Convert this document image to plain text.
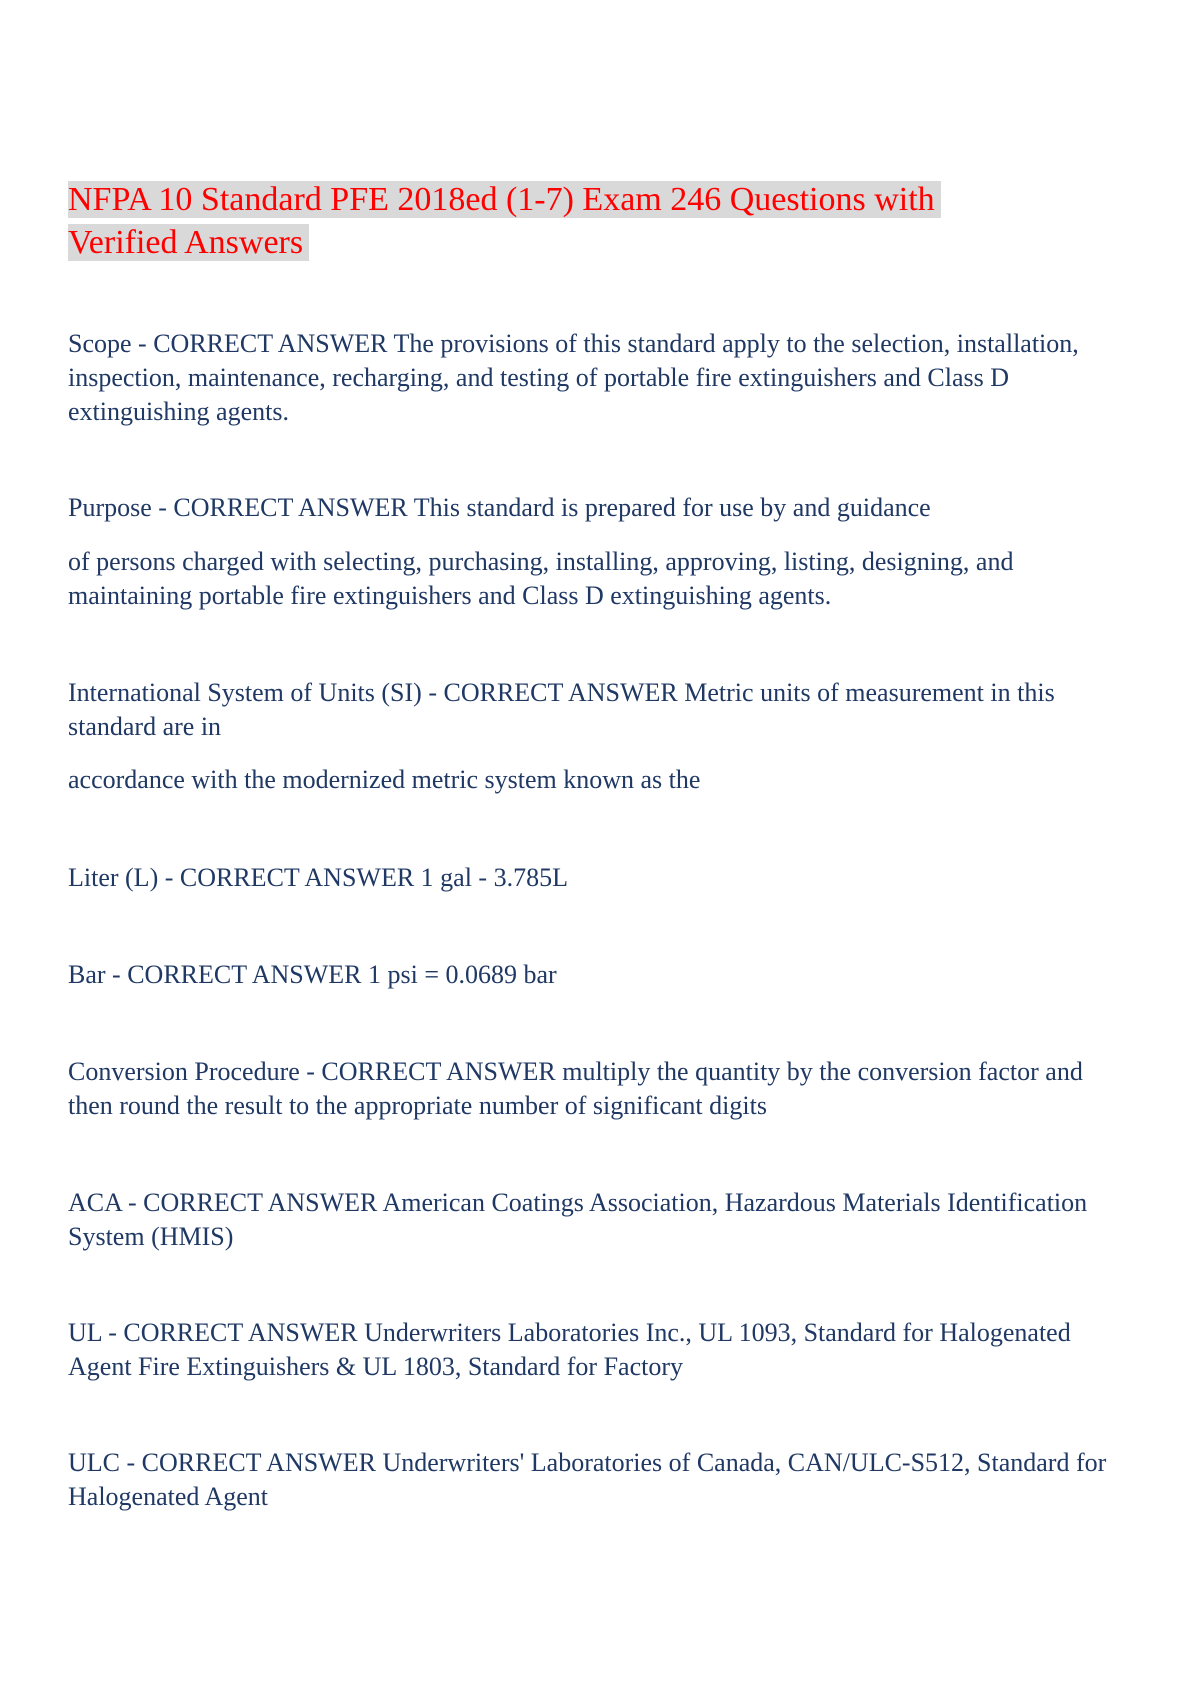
NFPA 10 Standard PFE 2018ed (1-7) Exam 246 Questions with Verified Answers

Scope - CORRECT ANSWER The provisions of this standard apply to the selection, installation, inspection, maintenance, recharging, and testing of portable fire extinguishers and Class D extinguishing agents.

Purpose - CORRECT ANSWER This standard is prepared for use by and guidance

of persons charged with selecting, purchasing, installing, approving, listing, designing, and maintaining portable fire extinguishers and Class D extinguishing agents.

International System of Units (SI) - CORRECT ANSWER Metric units of measurement in this standard are in

accordance with the modernized metric system known as the

Liter (L) - CORRECT ANSWER 1 gal - 3.785L

Bar - CORRECT ANSWER 1 psi = 0.0689 bar

Conversion Procedure - CORRECT ANSWER multiply the quantity by the conversion factor and then round the result to the appropriate number of significant digits

ACA - CORRECT ANSWER American Coatings Association, Hazardous Materials Identification System (HMIS)

UL - CORRECT ANSWER Underwriters Laboratories Inc., UL 1093, Standard for Halogenated Agent Fire Extinguishers & UL 1803, Standard for Factory

ULC - CORRECT ANSWER Underwriters' Laboratories of Canada, CAN/ULC-S512, Standard for Halogenated Agent
